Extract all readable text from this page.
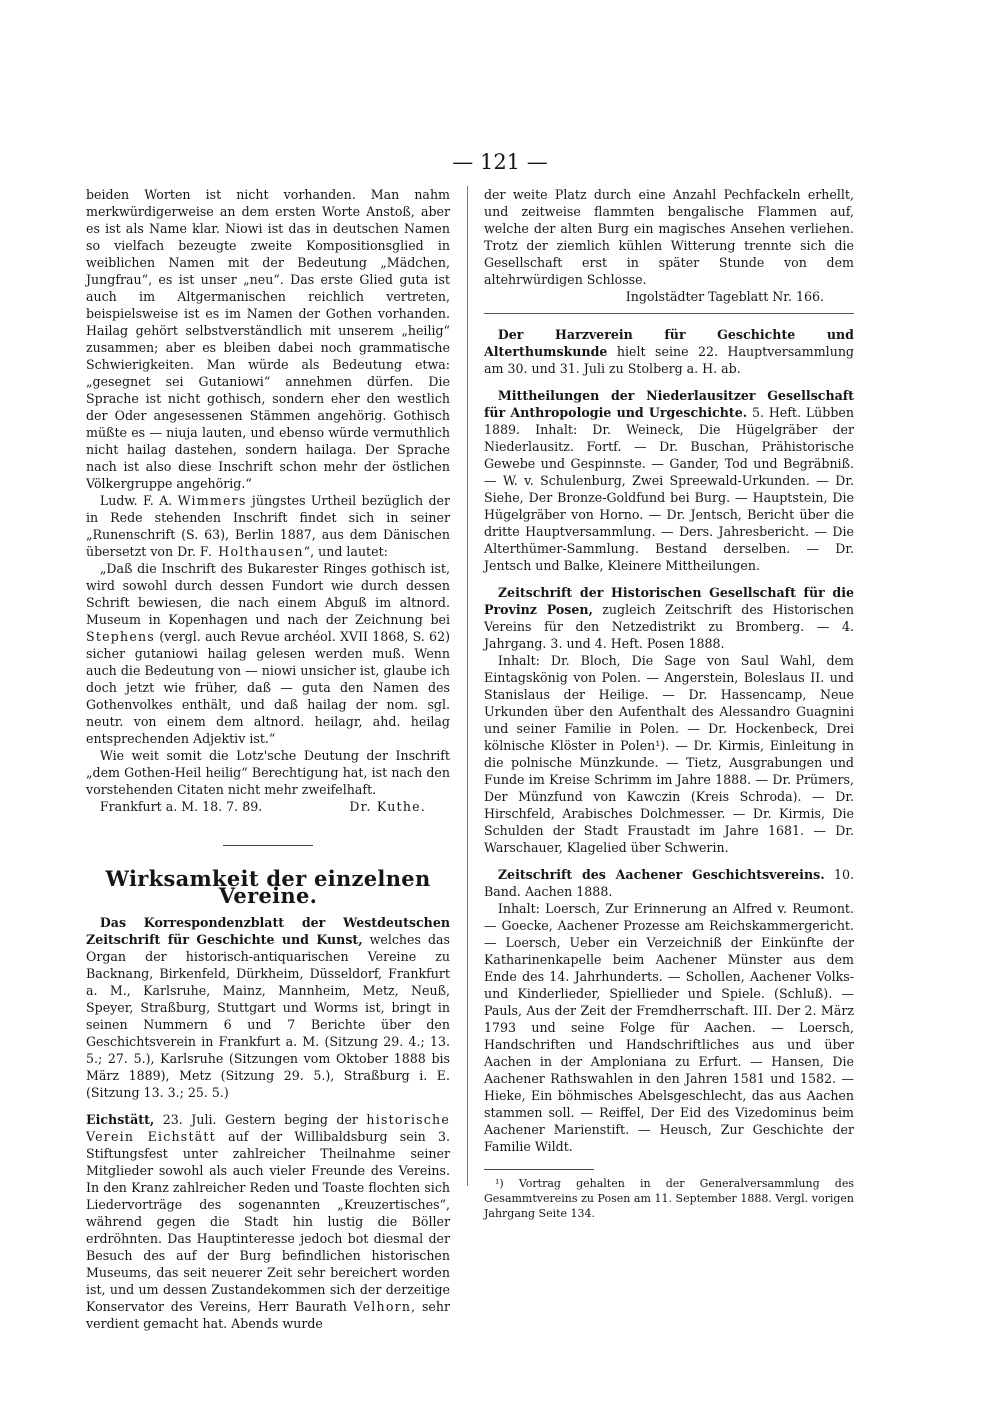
— 121 —

beiden Worten ist nicht vorhanden. Man nahm merkwürdigerweise an dem ersten Worte Anstoß, aber es ist als Name klar. Niowi ist das in deutschen Namen so vielfach bezeugte zweite Kompositionsglied in weiblichen Namen mit der Bedeutung „Mädchen, Jungfrau“, es ist unser „neu“. Das erste Glied guta ist auch im Altgermanischen reichlich vertreten, beispielsweise ist es im Namen der Gothen vorhanden. Hailag gehört selbstverständlich mit unserem „heilig“ zusammen; aber es bleiben dabei noch grammatische Schwierigkeiten. Man würde als Bedeutung etwa: „gesegnet sei Gutaniowi“ annehmen dürfen. Die Sprache ist nicht gothisch, sondern eher den westlich der Oder angesessenen Stämmen angehörig. Gothisch müßte es — niuja lauten, und ebenso würde vermuthlich nicht hailag dastehen, sondern hailaga. Der Sprache nach ist also diese Inschrift schon mehr der östlichen Völkergruppe angehörig.“

Ludw. F. A. Wimmers jüngstes Urtheil bezüglich der in Rede stehenden Inschrift findet sich in seiner „Runenschrift (S. 63), Berlin 1887, aus dem Dänischen übersetzt von Dr. F. Holthausen“, und lautet:

„Daß die Inschrift des Bukarester Ringes gothisch ist, wird sowohl durch dessen Fundort wie durch dessen Schrift bewiesen, die nach einem Abguß im altnord. Museum in Kopenhagen und nach der Zeichnung bei Stephens (vergl. auch Revue archéol. XVII 1868, S. 62) sicher gutaniowi hailag gelesen werden muß. Wenn auch die Bedeutung von — niowi unsicher ist, glaube ich doch jetzt wie früher, daß — guta den Namen des Gothenvolkes enthält, und daß hailag der nom. sgl. neutr. von einem dem altnord. heilagr, ahd. heilag entsprechenden Adjektiv ist.“

Wie weit somit die Lotz'sche Deutung der Inschrift „dem Gothen-Heil heilig“ Berechtigung hat, ist nach den vorstehenden Citaten nicht mehr zweifelhaft.

Frankfurt a. M. 18. 7. 89.	Dr. Kuthe.
Wirksamkeit der einzelnen Vereine.

Das Korrespondenzblatt der Westdeutschen Zeitschrift für Geschichte und Kunst, welches das Organ der historisch-antiquarischen Vereine zu Backnang, Birkenfeld, Dürkheim, Düsseldorf, Frankfurt a. M., Karlsruhe, Mainz, Mannheim, Metz, Neuß, Speyer, Straßburg, Stuttgart und Worms ist, bringt in seinen Nummern 6 und 7 Berichte über den Geschichtsverein in Frankfurt a. M. (Sitzung 29. 4.; 13. 5.; 27. 5.), Karlsruhe (Sitzungen vom Oktober 1888 bis März 1889), Metz (Sitzung 29. 5.), Straßburg i. E. (Sitzung 13. 3.; 25. 5.)

Eichstätt, 23. Juli. Gestern beging der historische Verein Eichstätt auf der Willibaldsburg sein 3. Stiftungsfest unter zahlreicher Theilnahme seiner Mitglieder sowohl als auch vieler Freunde des Vereins. In den Kranz zahlreicher Reden und Toaste flochten sich Liedervorträge des sogenannten „Kreuzertisches“, während gegen die Stadt hin lustig die Böller erdröhnten. Das Hauptinteresse jedoch bot diesmal der Besuch des auf der Burg befindlichen historischen Museums, das seit neuerer Zeit sehr bereichert worden ist, und um dessen Zustandekommen sich der derzeitige Konservator des Vereins, Herr Baurath Velhorn, sehr verdient gemacht hat. Abends wurde

der weite Platz durch eine Anzahl Pechfackeln erhellt, und zeitweise flammten bengalische Flammen auf, welche der alten Burg ein magisches Ansehen verliehen. Trotz der ziemlich kühlen Witterung trennte sich die Gesellschaft erst in später Stunde von dem altehrwürdigen Schlosse.

Ingolstädter Tageblatt Nr. 166.

Der Harzverein für Geschichte und Alterthumskunde hielt seine 22. Hauptversammlung am 30. und 31. Juli zu Stolberg a. H. ab.

Mittheilungen der Niederlausitzer Gesellschaft für Anthropologie und Urgeschichte. 5. Heft. Lübben 1889. Inhalt: Dr. Weineck, Die Hügelgräber der Niederlausitz. Fortf. — Dr. Buschan, Prähistorische Gewebe und Gespinnste. — Gander, Tod und Begräbniß. — W. v. Schulenburg, Zwei Spreewald-Urkunden. — Dr. Siehe, Der Bronze-Goldfund bei Burg. — Hauptstein, Die Hügelgräber von Horno. — Dr. Jentsch, Bericht über die dritte Hauptversammlung. — Ders. Jahresbericht. — Die Alterthümer-Sammlung. Bestand derselben. — Dr. Jentsch und Balke, Kleinere Mittheilungen.

Zeitschrift der Historischen Gesellschaft für die Provinz Posen, zugleich Zeitschrift des Historischen Vereins für den Netzedistrikt zu Bromberg. — 4. Jahrgang. 3. und 4. Heft. Posen 1888.

Inhalt: Dr. Bloch, Die Sage von Saul Wahl, dem Eintagskönig von Polen. — Angerstein, Boleslaus II. und Stanislaus der Heilige. — Dr. Hassencamp, Neue Urkunden über den Aufenthalt des Alessandro Guagnini und seiner Familie in Polen. — Dr. Hockenbeck, Drei kölnische Klöster in Polen¹). — Dr. Kirmis, Einleitung in die polnische Münzkunde. — Tietz, Ausgrabungen und Funde im Kreise Schrimm im Jahre 1888. — Dr. Prümers, Der Münzfund von Kawczin (Kreis Schroda). — Dr. Hirschfeld, Arabisches Dolchmesser. — Dr. Kirmis, Die Schulden der Stadt Fraustadt im Jahre 1681. — Dr. Warschauer, Klagelied über Schwerin.

Zeitschrift des Aachener Geschichtsvereins. 10. Band. Aachen 1888.

Inhalt: Loersch, Zur Erinnerung an Alfred v. Reumont. — Goecke, Aachener Prozesse am Reichskammergericht. — Loersch, Ueber ein Verzeichniß der Einkünfte der Katharinenkapelle beim Aachener Münster aus dem Ende des 14. Jahrhunderts. — Schollen, Aachener Volks- und Kinderlieder, Spiellieder und Spiele. (Schluß). — Pauls, Aus der Zeit der Fremdherrschaft. III. Der 2. März 1793 und seine Folge für Aachen. — Loersch, Handschriften und Handschriftliches aus und über Aachen in der Amploniana zu Erfurt. — Hansen, Die Aachener Rathswahlen in den Jahren 1581 und 1582. — Hieke, Ein böhmisches Abelsgeschlecht, das aus Aachen stammen soll. — Reiffel, Der Eid des Vizedominus beim Aachener Marienstift. — Heusch, Zur Geschichte der Familie Wildt.

¹) Vortrag gehalten in der Generalversammlung des Gesammtvereins zu Posen am 11. September 1888. Vergl. vorigen Jahrgang Seite 134.
